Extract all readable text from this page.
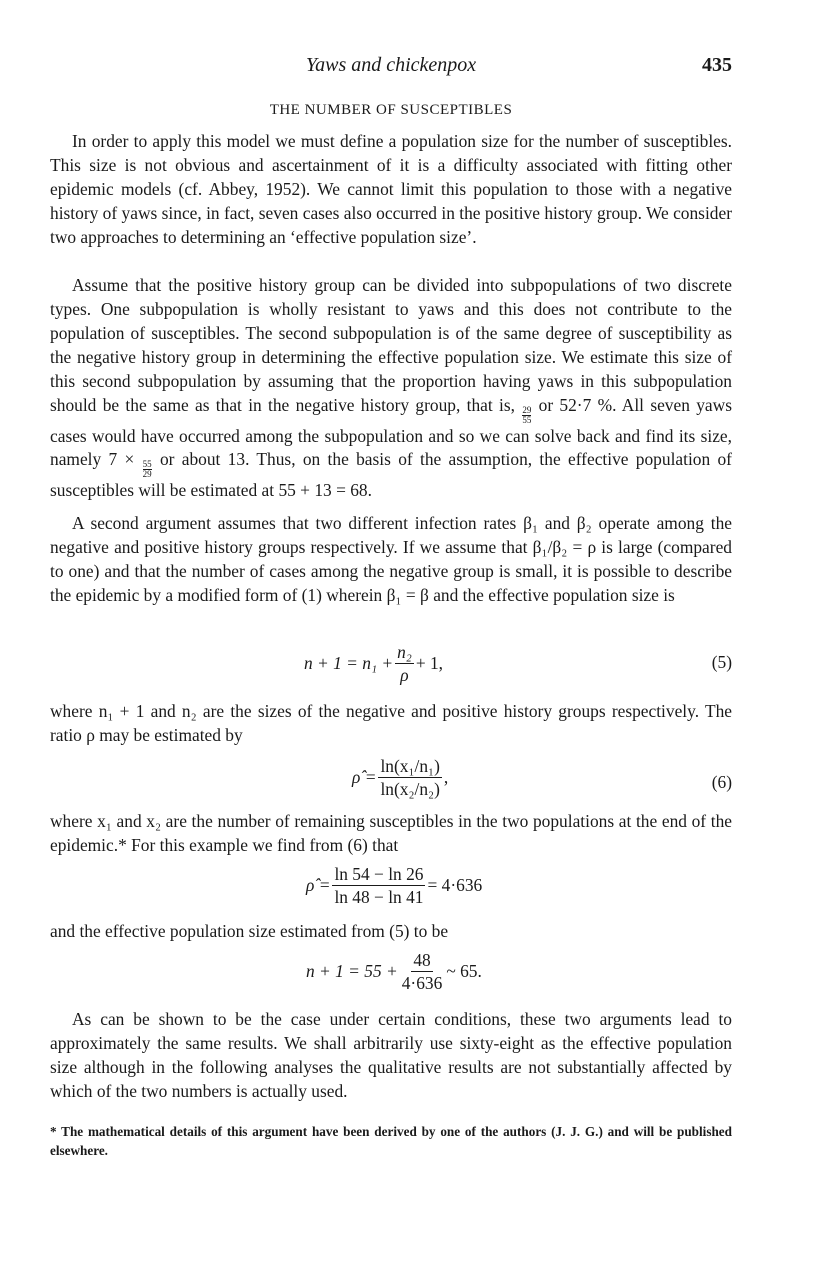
Yaws and chickenpox	435
THE NUMBER OF SUSCEPTIBLES

In order to apply this model we must define a population size for the number of susceptibles. This size is not obvious and ascertainment of it is a difficulty associated with fitting other epidemic models (cf. Abbey, 1952). We cannot limit this population to those with a negative history of yaws since, in fact, seven cases also occurred in the positive history group. We consider two approaches to determining an ‘effective population size’.

Assume that the positive history group can be divided into subpopulations of two discrete types. One subpopulation is wholly resistant to yaws and this does not contribute to the population of susceptibles. The second subpopulation is of the same degree of susceptibility as the negative history group in determining the effective population size. We estimate this size of this second subpopulation by assuming that the proportion having yaws in this subpopulation should be the same as that in the negative history group, that is,
$\frac{29}{55}$
or 52·7 %. All seven yaws cases would have occurred among the subpopulation and so we can solve back and find its size, namely 7 ×
$\frac{55}{29}$
or about 13. Thus, on the basis of the assumption, the effective population of susceptibles will be estimated at 55 + 13 = 68.

A second argument assumes that two different infection rates β₁ and β₂ operate among the negative and positive history groups respectively. If we assume that β₁/β₂ = ρ is large (compared to one) and that the number of cases among the negative group is small, it is possible to describe the epidemic by a modified form of (1) wherein β₁ = β and the effective population size is

$n + 1 = n_1 + \frac{\text{n₂}}{\rho} + 1$,	(5)

where n₁ + 1 and n₂ are the sizes of the negative and positive history groups respectively. The ratio ρ may be estimated by

ρ̂ = $\frac{\text{ln(x₁/n₁)}}{\text{ln(x₂/n₂)}}$ ,	(6)

where x₁ and x₂ are the number of remaining susceptibles in the two populations at the end of the epidemic.* For this example we find from (6) that

ρ̂ = $\frac{\ln 54 - \ln 26}{\ln 48 - \ln 41} = 4\cdot 636$

and the effective population size estimated from (5) to be

$n + 1 = 55 + \frac{48}{4\cdot 636}$ ~ 65.

As can be shown to be the case under certain conditions, these two arguments lead to approximately the same results. We shall arbitrarily use sixty-eight as the effective population size although in the following analyses the qualitative results are not substantially affected by which of the two numbers is actually used.

* The mathematical details of this argument have been derived by one of the authors (J. J. G.) and will be published elsewhere.
